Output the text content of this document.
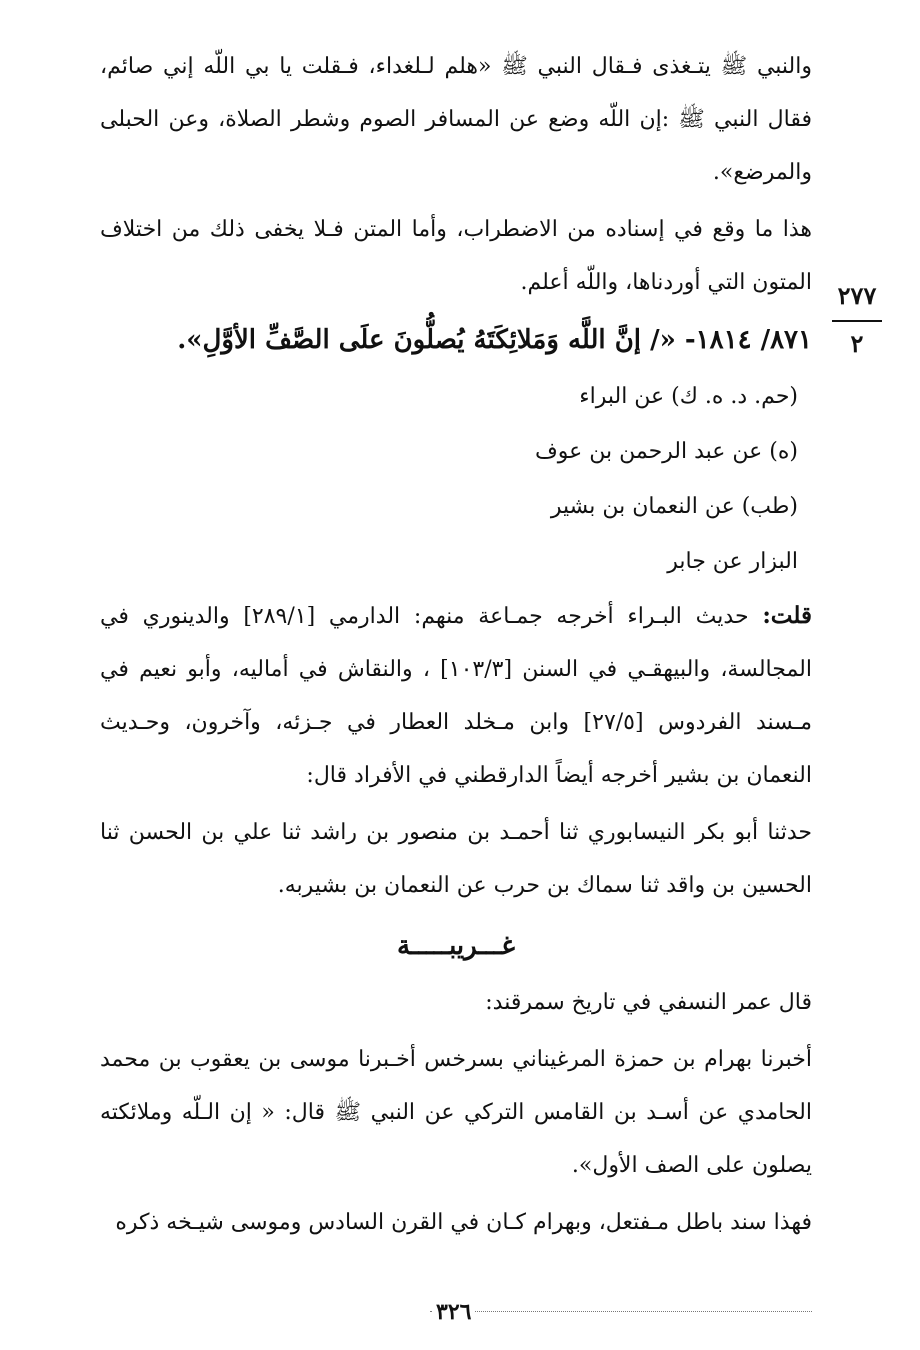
والنبي ﷺ يتـغذى فـقال النبي ﷺ «هلم لـلغداء، فـقلت يا بي اللّه إني صائم، فقال النبي ﷺ :إن اللّه وضع عن المسافر الصوم وشطر الصلاة، وعن الحبلى والمرضع».

هذا ما وقع في إسناده من الاضطراب، وأما المتن فـلا يخفى ذلك من اختلاف المتون التي أوردناها، واللّه أعلم.

٨٧١/ ١٨١٤- «/ إنَّ اللَّه وَمَلائِكَتَهُ يُصلُّونَ علَى الصَّفِّ الأوَّلِ».

(حم. د. ه. ك) عن البراء

(ه) عن عبد الرحمن بن عوف

(طب) عن النعمان بن بشير

البزار عن جابر

قلت: حديث البـراء أخرجه جمـاعة منهم: الدارمي [٢٨٩/١] والدينوري في المجالسة، والبيهقـي في السنن [١٠٣/٣] ، والنقاش في أماليه، وأبو نعيم في مـسند الفردوس [٢٧/٥] وابن مـخلد العطار في جـزئه، وآخرون، وحـديث النعمان بن بشير أخرجه أيضاً الدارقطني في الأفراد قال:

حدثنا أبو بكر النيسابوري ثنا أحمـد بن منصور بن راشد ثنا علي بن الحسن ثنا الحسين بن واقد ثنا سماك بن حرب عن النعمان بن بشيربه.

غـــريبـــــة

قال عمر النسفي في تاريخ سمرقند:

أخبرنا بهرام بن حمزة المرغيناني بسرخس أخـبرنا موسى بن يعقوب بن محمد الحامدي عن أسـد بن القامس التركي عن النبي ﷺ قال: « إن الـلّه وملائكته يصلون على الصف الأول».

فهذا سند باطل مـفتعل، وبهرام كـان في القرن السادس وموسى شيـخه ذكره

٢٧٧
٢
٣٢٦
